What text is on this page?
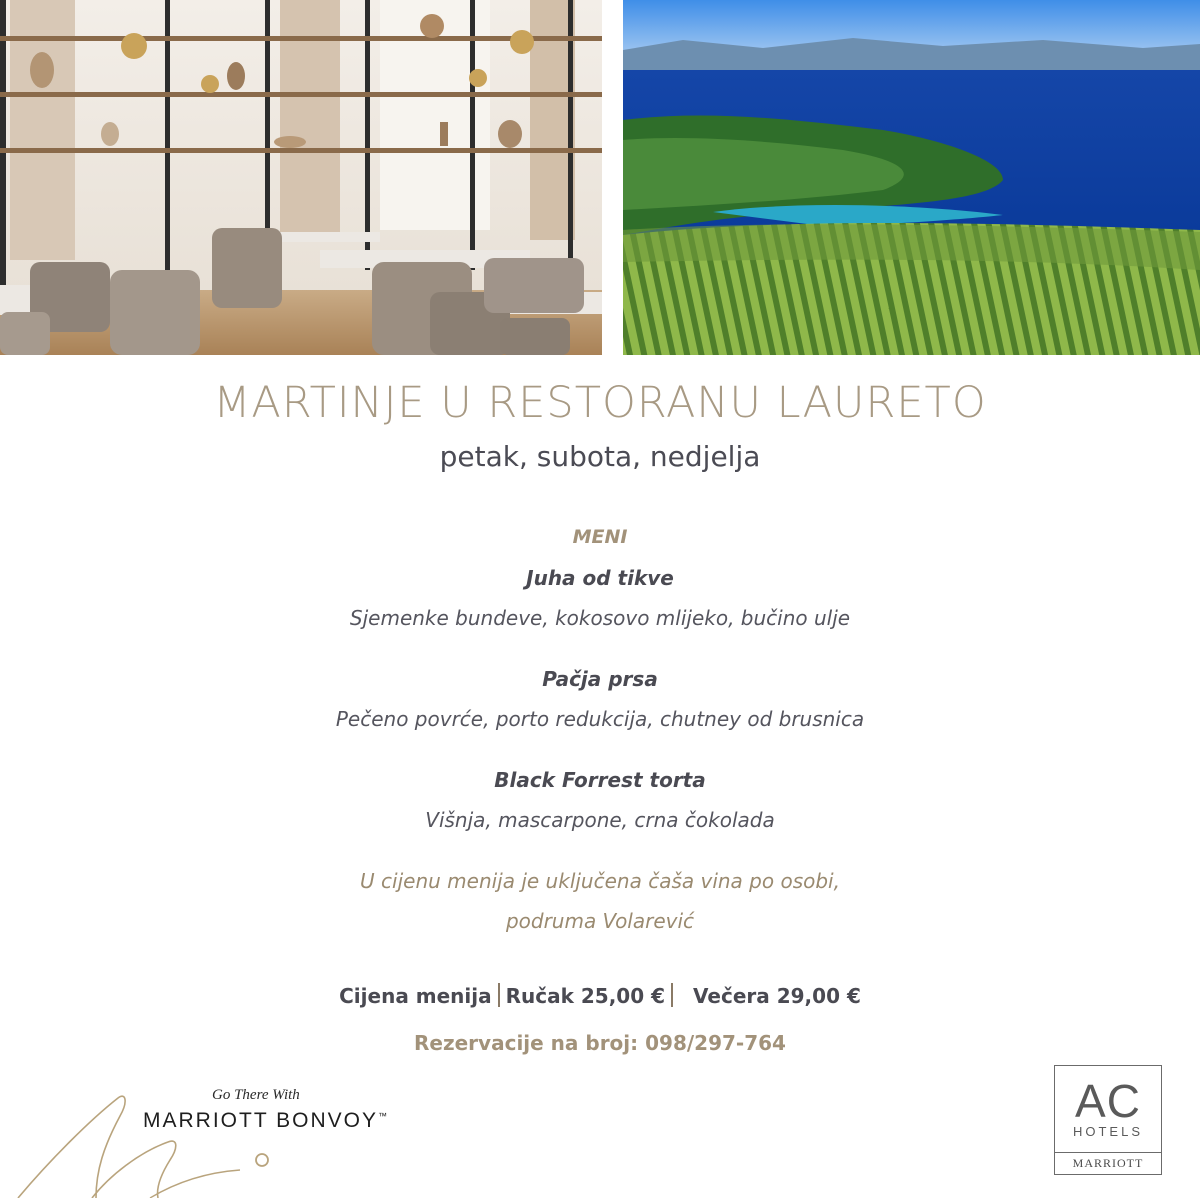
MARTINJE U RESTORANU LAURETO
petak, subota, nedjelja
MENI
Juha od tikve
Sjemenke bundeve, kokosovo mlijeko, bučino ulje
Pačja prsa
Pečeno povrće, porto redukcija, chutney od brusnica
Black Forrest torta
Višnja, mascarpone, crna čokolada
U cijenu menija je uključena čaša vina po osobi,
podruma Volarević
Cijena menija Ručak 25,00 € Večera 29,00 €
Rezervacije na broj: 098/297-764
Go There With
MARRIOTT BONVOY™	AC
HOTELS
MARRIOTT
